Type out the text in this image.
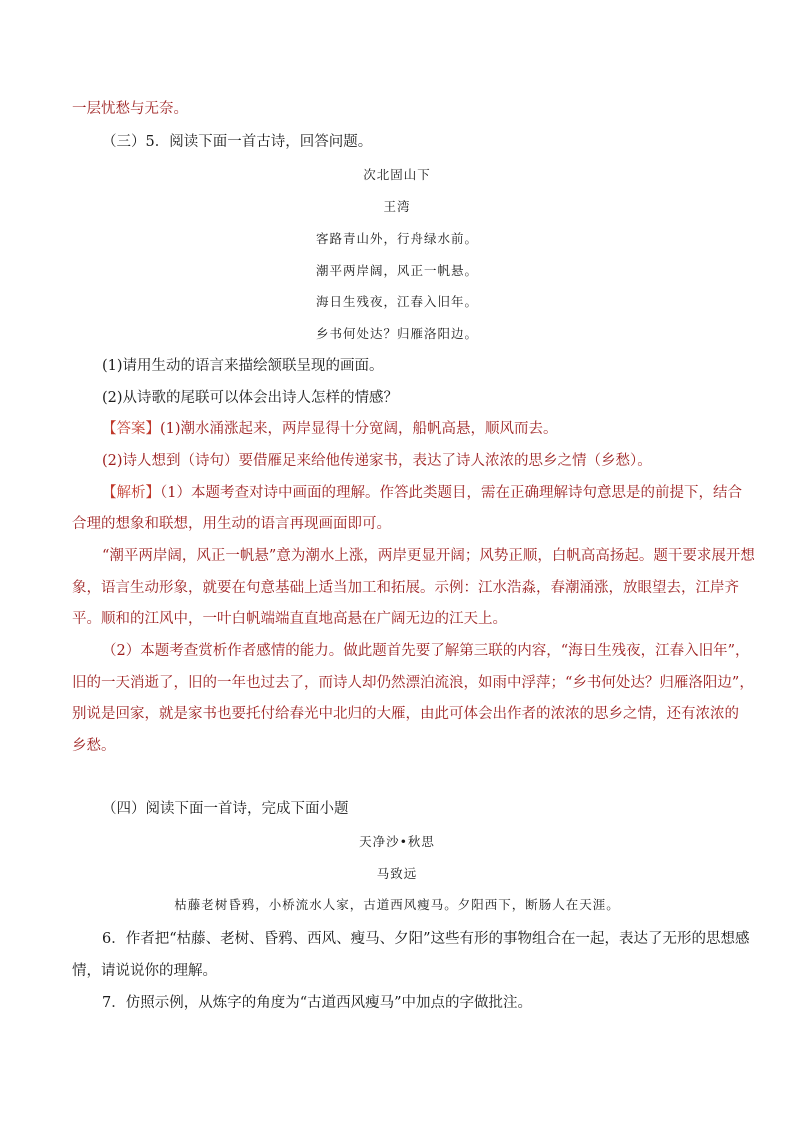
一层忧愁与无奈。
（三）5．阅读下面一首古诗，回答问题。
次北固山下
王湾
客路青山外，行舟绿水前。
潮平两岸阔，风正一帆悬。
海日生残夜，江春入旧年。
乡书何处达？归雁洛阳边。
(1)请用生动的语言来描绘颔联呈现的画面。
(2)从诗歌的尾联可以体会出诗人怎样的情感？
【答案】(1)潮水涌涨起来，两岸显得十分宽阔，船帆高悬，顺风而去。
(2)诗人想到（诗句）要借雁足来给他传递家书，表达了诗人浓浓的思乡之情（乡愁）。
【解析】（1）本题考查对诗中画面的理解。作答此类题目，需在正确理解诗句意思是的前提下，结合
合理的想象和联想，用生动的语言再现画面即可。
“潮平两岸阔，风正一帆悬”意为潮水上涨，两岸更显开阔；风势正顺，白帆高高扬起。题干要求展开想
象，语言生动形象，就要在句意基础上适当加工和拓展。示例：江水浩淼，春潮涌涨，放眼望去，江岸齐
平。顺和的江风中，一叶白帆端端直直地高悬在广阔无边的江天上。
（2）本题考查赏析作者感情的能力。做此题首先要了解第三联的内容，“海日生残夜，江春入旧年”，
旧的一天消逝了，旧的一年也过去了，而诗人却仍然漂泊流浪，如雨中浮萍；“乡书何处达？归雁洛阳边”，
别说是回家，就是家书也要托付给春光中北归的大雁，由此可体会出作者的浓浓的思乡之情，还有浓浓的
乡愁。
（四）阅读下面一首诗，完成下面小题
天净沙•秋思
马致远
枯藤老树昏鸦，小桥流水人家，古道西风瘦马。夕阳西下，断肠人在天涯。
6．作者把“枯藤、老树、昏鸦、西风、瘦马、夕阳”这些有形的事物组合在一起，表达了无形的思想感
情，请说说你的理解。
7．仿照示例，从炼字的角度为“古道西风瘦马”中加点的字做批注。
